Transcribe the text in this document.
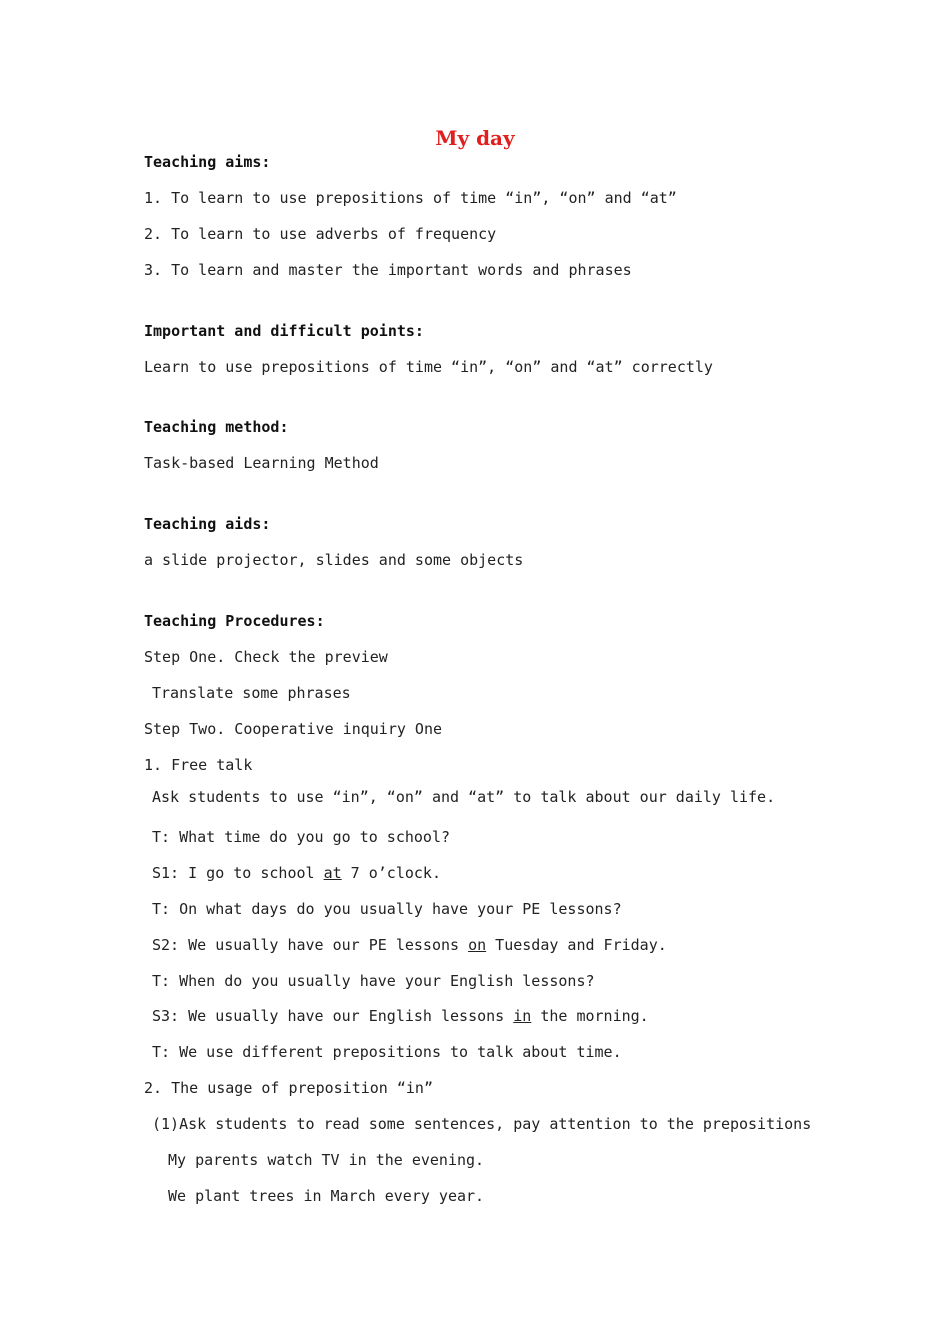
My day
Teaching aims:
1. To learn to use prepositions of time “in”, “on” and “at”
2. To learn to use adverbs of frequency
3. To learn and master the important words and phrases
Important and difficult points:
Learn to use prepositions of time “in”, “on” and “at” correctly
Teaching method:
Task-based Learning Method
Teaching aids:
a slide projector, slides and some objects
Teaching Procedures:
Step One. Check the preview
Translate some phrases
Step Two. Cooperative inquiry One
1. Free talk
Ask students to use “in”, “on” and “at” to talk about our daily life.
T: What time do you go to school?
S1: I go to school at 7 o’clock.
T: On what days do you usually have your PE lessons?
S2: We usually have our PE lessons on Tuesday and Friday.
T: When do you usually have your English lessons?
S3: We usually have our English lessons in the morning.
T: We use different prepositions to talk about time.
2. The usage of preposition “in”
(1)Ask students to read some sentences, pay attention to the prepositions
My parents watch TV in the evening.
We plant trees in March every year.
